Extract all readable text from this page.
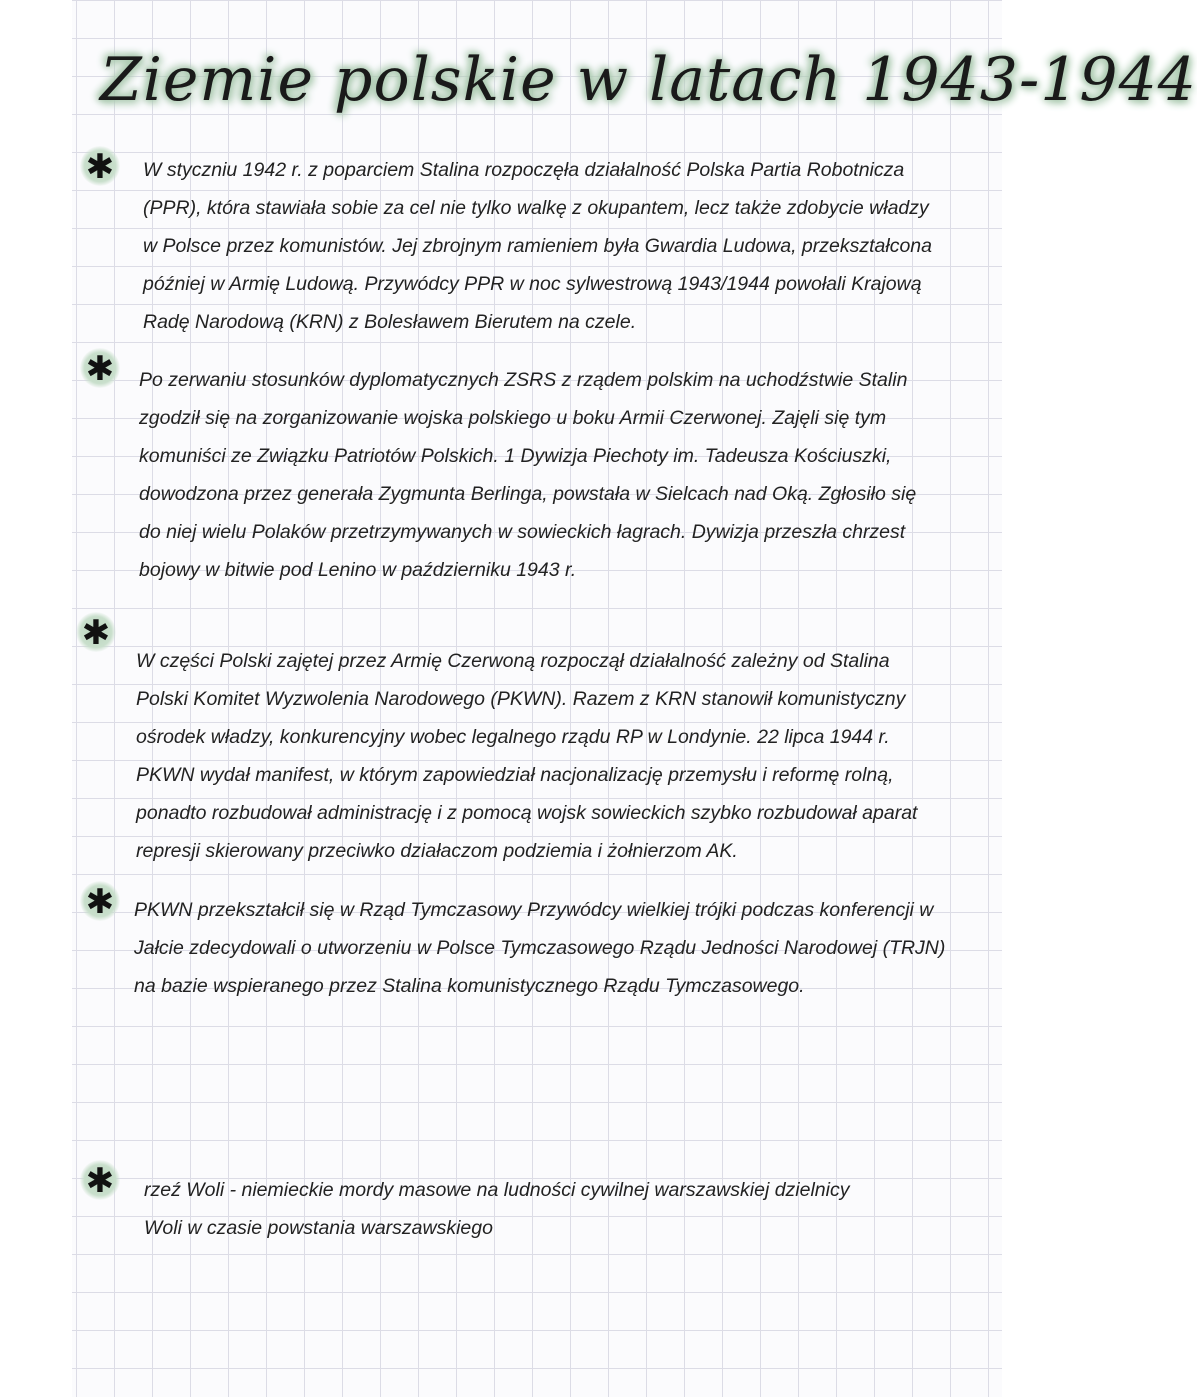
Ziemie polskie w latach 1943-1944
✱ W styczniu 1942 r. z poparciem Stalina rozpoczęła działalność Polska Partia Robotnicza
(PPR), która stawiała sobie za cel nie tylko walkę z okupantem, lecz także zdobycie władzy
w Polsce przez komunistów. Jej zbrojnym ramieniem była Gwardia Ludowa, przekształcona
później w Armię Ludową. Przywódcy PPR w noc sylwestrową 1943/1944 powołali Krajową
Radę Narodową (KRN) z Bolesławem Bierutem na czele.
✱ Po zerwaniu stosunków dyplomatycznych ZSRS z rządem polskim na uchodźstwie Stalin
zgodził się na zorganizowanie wojska polskiego u boku Armii Czerwonej. Zajęli się tym
komuniści ze Związku Patriotów Polskich. 1 Dywizja Piechoty im. Tadeusza Kościuszki,
dowodzona przez generała Zygmunta Berlinga, powstała w Sielcach nad Oką. Zgłosiło się
do niej wielu Polaków przetrzymywanych w sowieckich łagrach. Dywizja przeszła chrzest
bojowy w bitwie pod Lenino w październiku 1943 r.
✱
W części Polski zajętej przez Armię Czerwoną rozpoczął działalność zależny od Stalina
Polski Komitet Wyzwolenia Narodowego (PKWN). Razem z KRN stanowił komunistyczny
ośrodek władzy, konkurencyjny wobec legalnego rządu RP w Londynie. 22 lipca 1944 r.
PKWN wydał manifest, w którym zapowiedział nacjonalizację przemysłu i reformę rolną,
ponadto rozbudował administrację i z pomocą wojsk sowieckich szybko rozbudował aparat
represji skierowany przeciwko działaczom podziemia i żołnierzom AK.
✱ PKWN przekształcił się w Rząd Tymczasowy Przywódcy wielkiej trójki podczas konferencji w
Jałcie zdecydowali o utworzeniu w Polsce Tymczasowego Rządu Jedności Narodowej (TRJN)
na bazie wspieranego przez Stalina komunistycznego Rządu Tymczasowego.
✱ rzeź Woli - niemieckie mordy masowe na ludności cywilnej warszawskiej dzielnicy
Woli w czasie powstania warszawskiego
